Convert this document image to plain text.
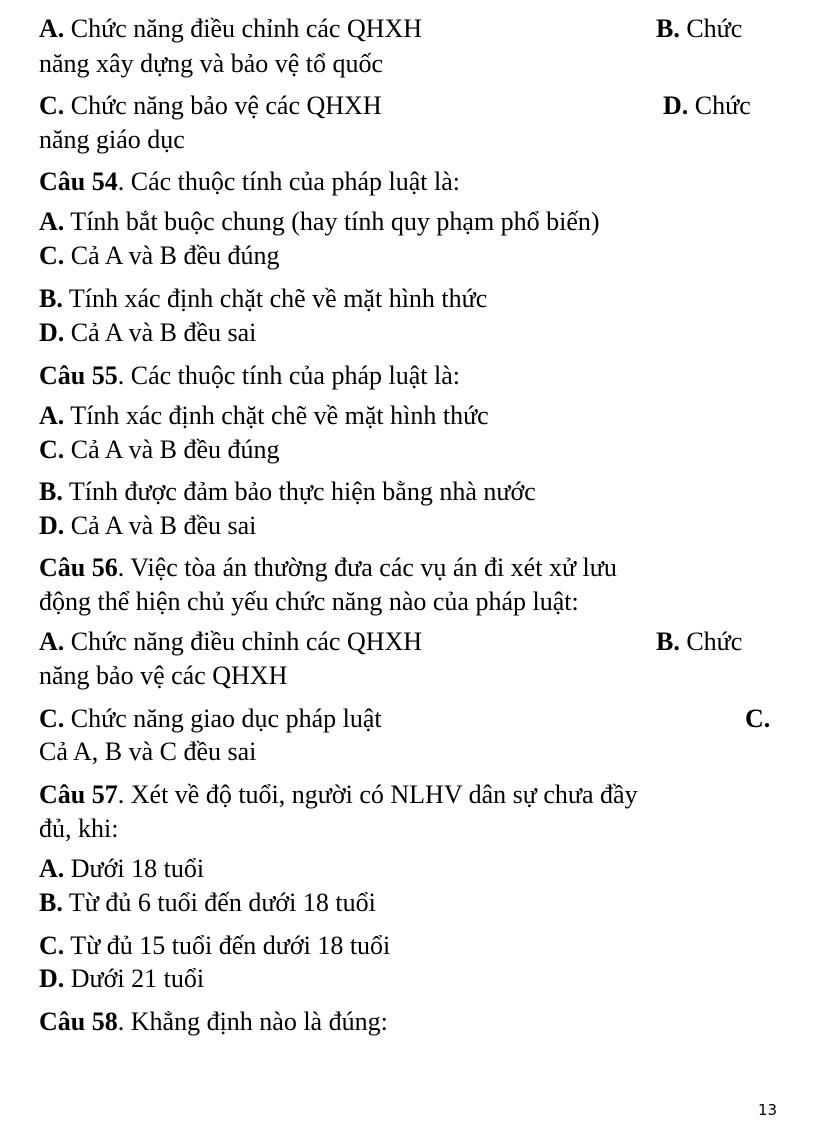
A. Chức năng điều chỉnh các QHXH	B. Chức
năng xây dựng và bảo vệ tổ quốc
C. Chức năng bảo vệ các QHXH	D. Chức
năng giáo dục
Câu 54. Các thuộc tính của pháp luật là:
A. Tính bắt buộc chung (hay tính quy phạm phổ biến)
C. Cả A và B đều đúng
B. Tính xác định chặt chẽ về mặt hình thức
D. Cả A và B đều sai
Câu 55. Các thuộc tính của pháp luật là:
A. Tính xác định chặt chẽ về mặt hình thức
C. Cả A và B đều đúng
B. Tính được đảm bảo thực hiện bằng nhà nước
D. Cả A và B đều sai
Câu 56. Việc tòa án thường đưa các vụ án đi xét xử lưu
động thể hiện chủ yếu chức năng nào của pháp luật:
A. Chức năng điều chỉnh các QHXH	B. Chức
năng bảo vệ các QHXH
C. Chức năng giao dục pháp luật	C.
Cả A, B và C đều sai
Câu 57. Xét về độ tuổi, người có NLHV dân sự chưa đầy
đủ, khi:
A. Dưới 18 tuổi
B. Từ đủ 6 tuổi đến dưới 18 tuổi
C. Từ đủ 15 tuổi đến dưới 18 tuổi
D. Dưới 21 tuổi
Câu 58. Khẳng định nào là đúng:
13
